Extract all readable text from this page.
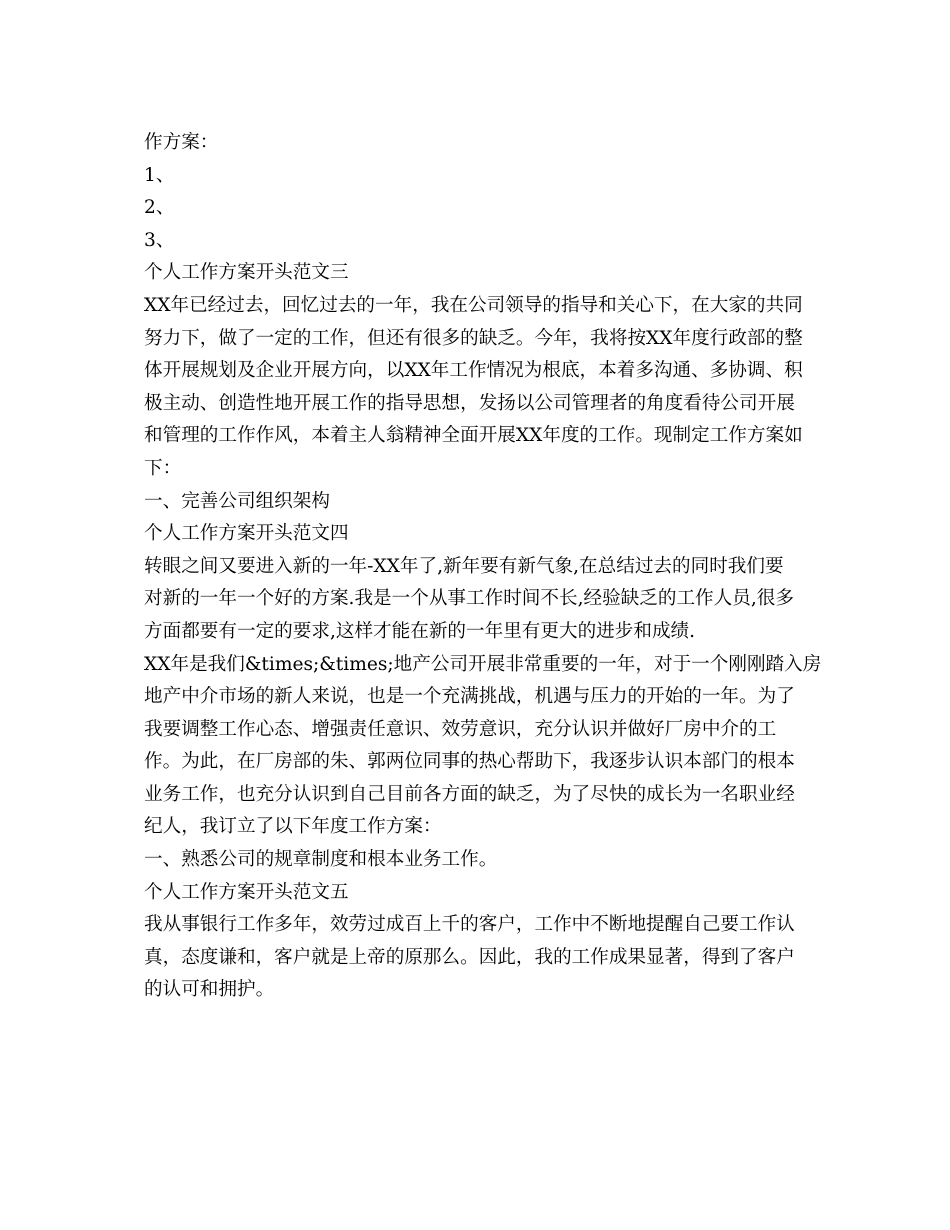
作方案：
1、
2、
3、
个人工作方案开头范文三
XX年已经过去，回忆过去的一年，我在公司领导的指导和关心下，在大家的共同
努力下，做了一定的工作，但还有很多的缺乏。今年，我将按XX年度行政部的整
体开展规划及企业开展方向，以XX年工作情况为根底，本着多沟通、多协调、积
极主动、创造性地开展工作的指导思想，发扬以公司管理者的角度看待公司开展
和管理的工作作风，本着主人翁精神全面开展XX年度的工作。现制定工作方案如
下：
一、完善公司组织架构
个人工作方案开头范文四
转眼之间又要进入新的一年-XX年了,新年要有新气象,在总结过去的同时我们要
对新的一年一个好的方案.我是一个从事工作时间不长,经验缺乏的工作人员,很多
方面都要有一定的要求,这样才能在新的一年里有更大的进步和成绩.
XX年是我们&times;&times;地产公司开展非常重要的一年，对于一个刚刚踏入房
地产中介市场的新人来说，也是一个充满挑战，机遇与压力的开始的一年。为了
我要调整工作心态、增强责任意识、效劳意识，充分认识并做好厂房中介的工
作。为此，在厂房部的朱、郭两位同事的热心帮助下，我逐步认识本部门的根本
业务工作，也充分认识到自己目前各方面的缺乏，为了尽快的成长为一名职业经
纪人，我订立了以下年度工作方案：
一、熟悉公司的规章制度和根本业务工作。
个人工作方案开头范文五
我从事银行工作多年，效劳过成百上千的客户，工作中不断地提醒自己要工作认
真，态度谦和，客户就是上帝的原那么。因此，我的工作成果显著，得到了客户
的认可和拥护。
